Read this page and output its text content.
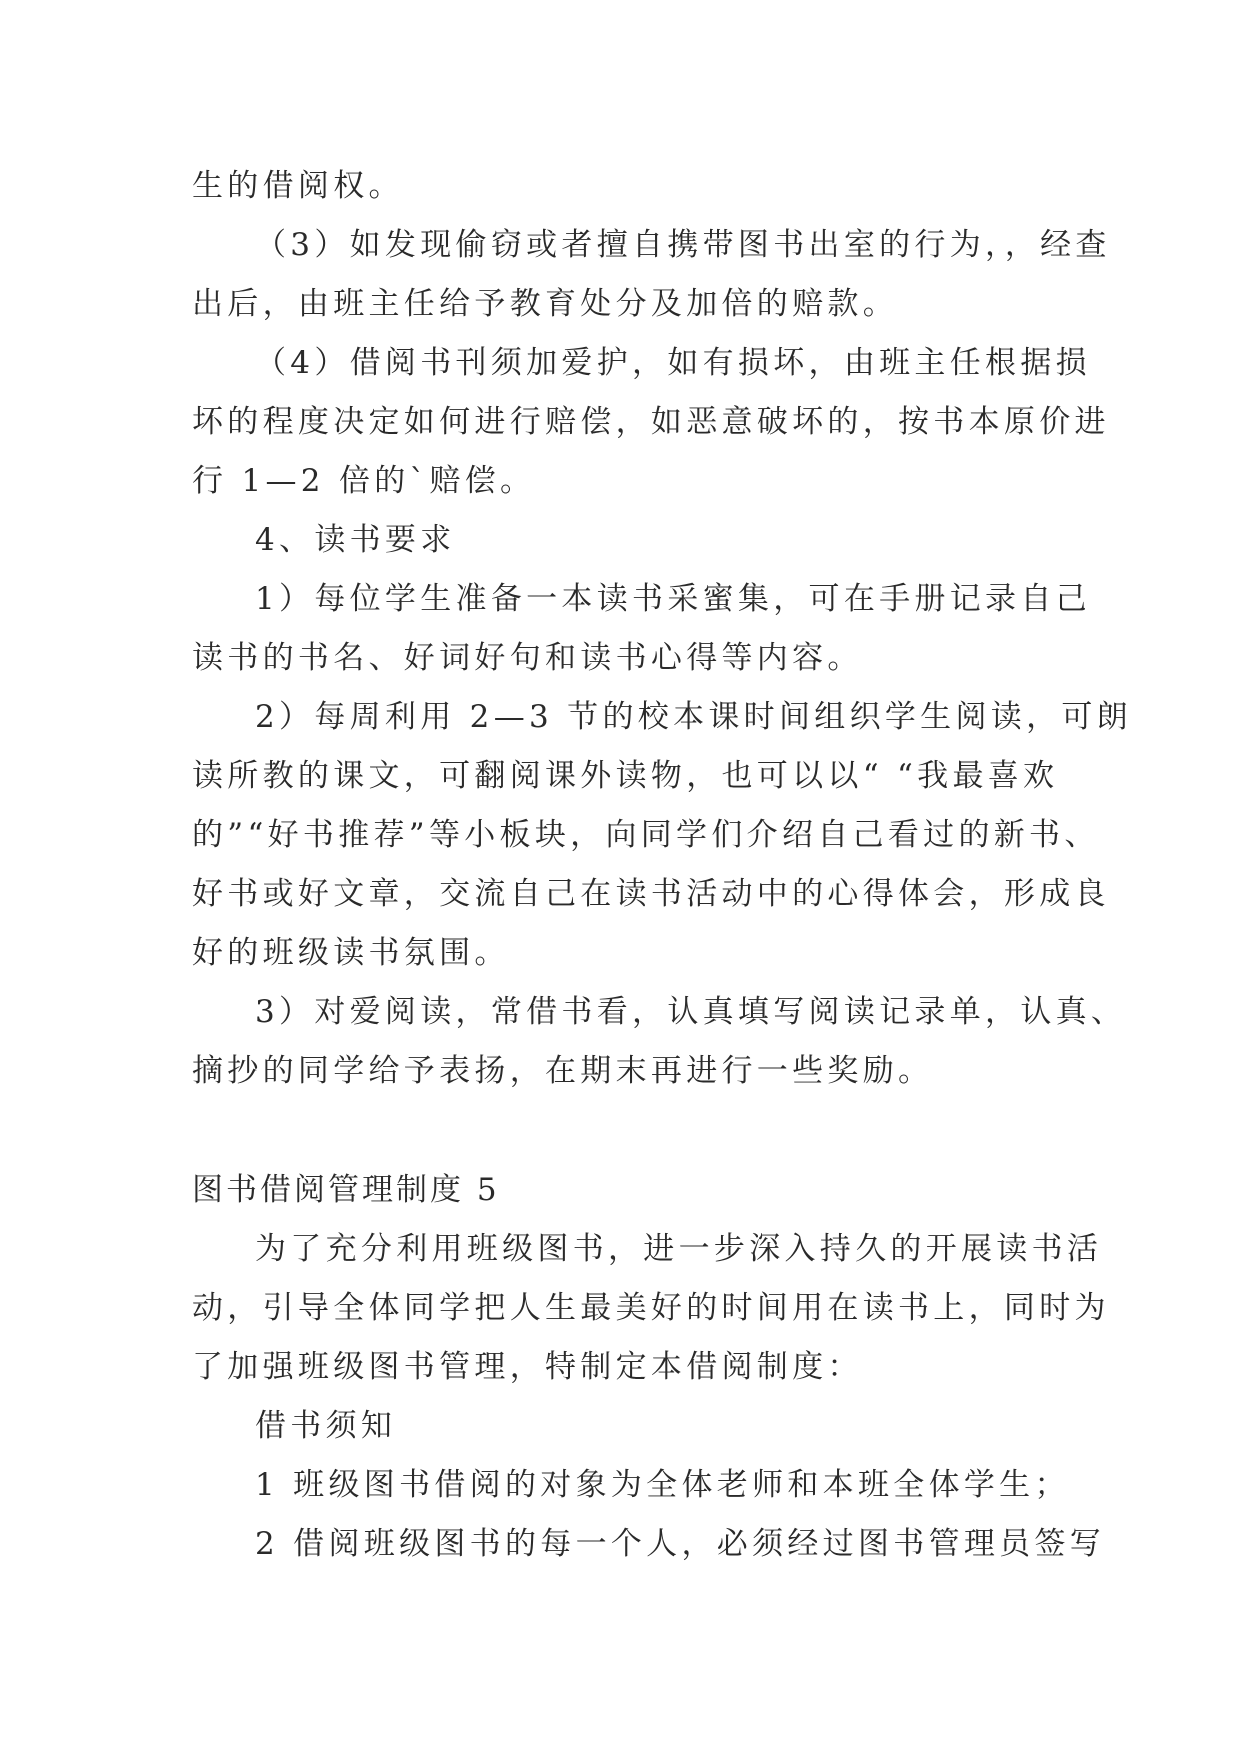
生的借阅权。
（3）如发现偷窃或者擅自携带图书出室的行为，，经查
出后，由班主任给予教育处分及加倍的赔款。
（4）借阅书刊须加爱护，如有损坏，由班主任根据损
坏的程度决定如何进行赔偿，如恶意破坏的，按书本原价进
行 1—2 倍的`赔偿。
4、读书要求
1）每位学生准备一本读书采蜜集，可在手册记录自己
读书的书名、好词好句和读书心得等内容。
2）每周利用 2—3 节的校本课时间组织学生阅读，可朗
读所教的课文，可翻阅课外读物，也可以以“ “我最喜欢
的”“好书推荐”等小板块，向同学们介绍自己看过的新书、
好书或好文章，交流自己在读书活动中的心得体会，形成良
好的班级读书氛围。
3）对爱阅读，常借书看，认真填写阅读记录单，认真、
摘抄的同学给予表扬，在期末再进行一些奖励。
图书借阅管理制度 5
为了充分利用班级图书，进一步深入持久的开展读书活
动，引导全体同学把人生最美好的时间用在读书上，同时为
了加强班级图书管理，特制定本借阅制度：
借书须知
1 班级图书借阅的对象为全体老师和本班全体学生；
2 借阅班级图书的每一个人，必须经过图书管理员签写
